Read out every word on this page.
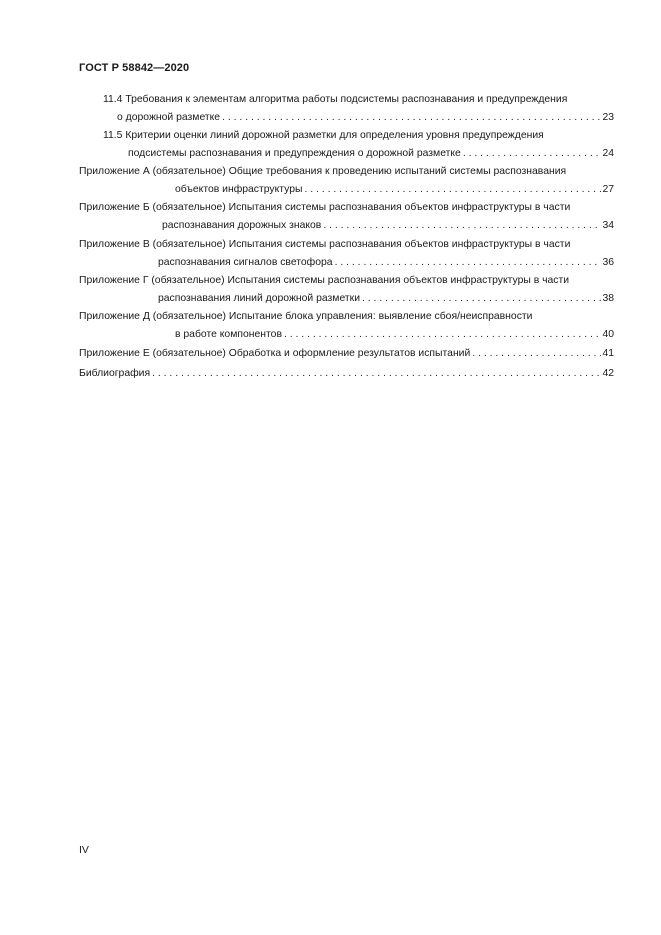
ГОСТ Р 58842—2020
11.4 Требования к элементам алгоритма работы подсистемы распознавания и предупреждения
о дорожной разметке . . .	23
11.5 Критерии оценки линий дорожной разметки для определения уровня предупреждения
подсистемы распознавания и предупреждения о дорожной разметке . . .	24
Приложение А (обязательное) Общие требования к проведению испытаний системы распознавания
объектов инфраструктуры . . .	27
Приложение Б (обязательное) Испытания системы распознавания объектов инфраструктуры в части
распознавания дорожных знаков . . .	34
Приложение В (обязательное) Испытания системы распознавания объектов инфраструктуры в части
распознавания сигналов светофора . . .	36
Приложение Г (обязательное) Испытания системы распознавания объектов инфраструктуры в части
распознавания линий дорожной разметки . . .	38
Приложение Д (обязательное) Испытание блока управления: выявление сбоя/неисправности
в работе компонентов . . .	40
Приложение Е (обязательное) Обработка и оформление результатов испытаний . . .	41
Библиография . . .	42
IV
